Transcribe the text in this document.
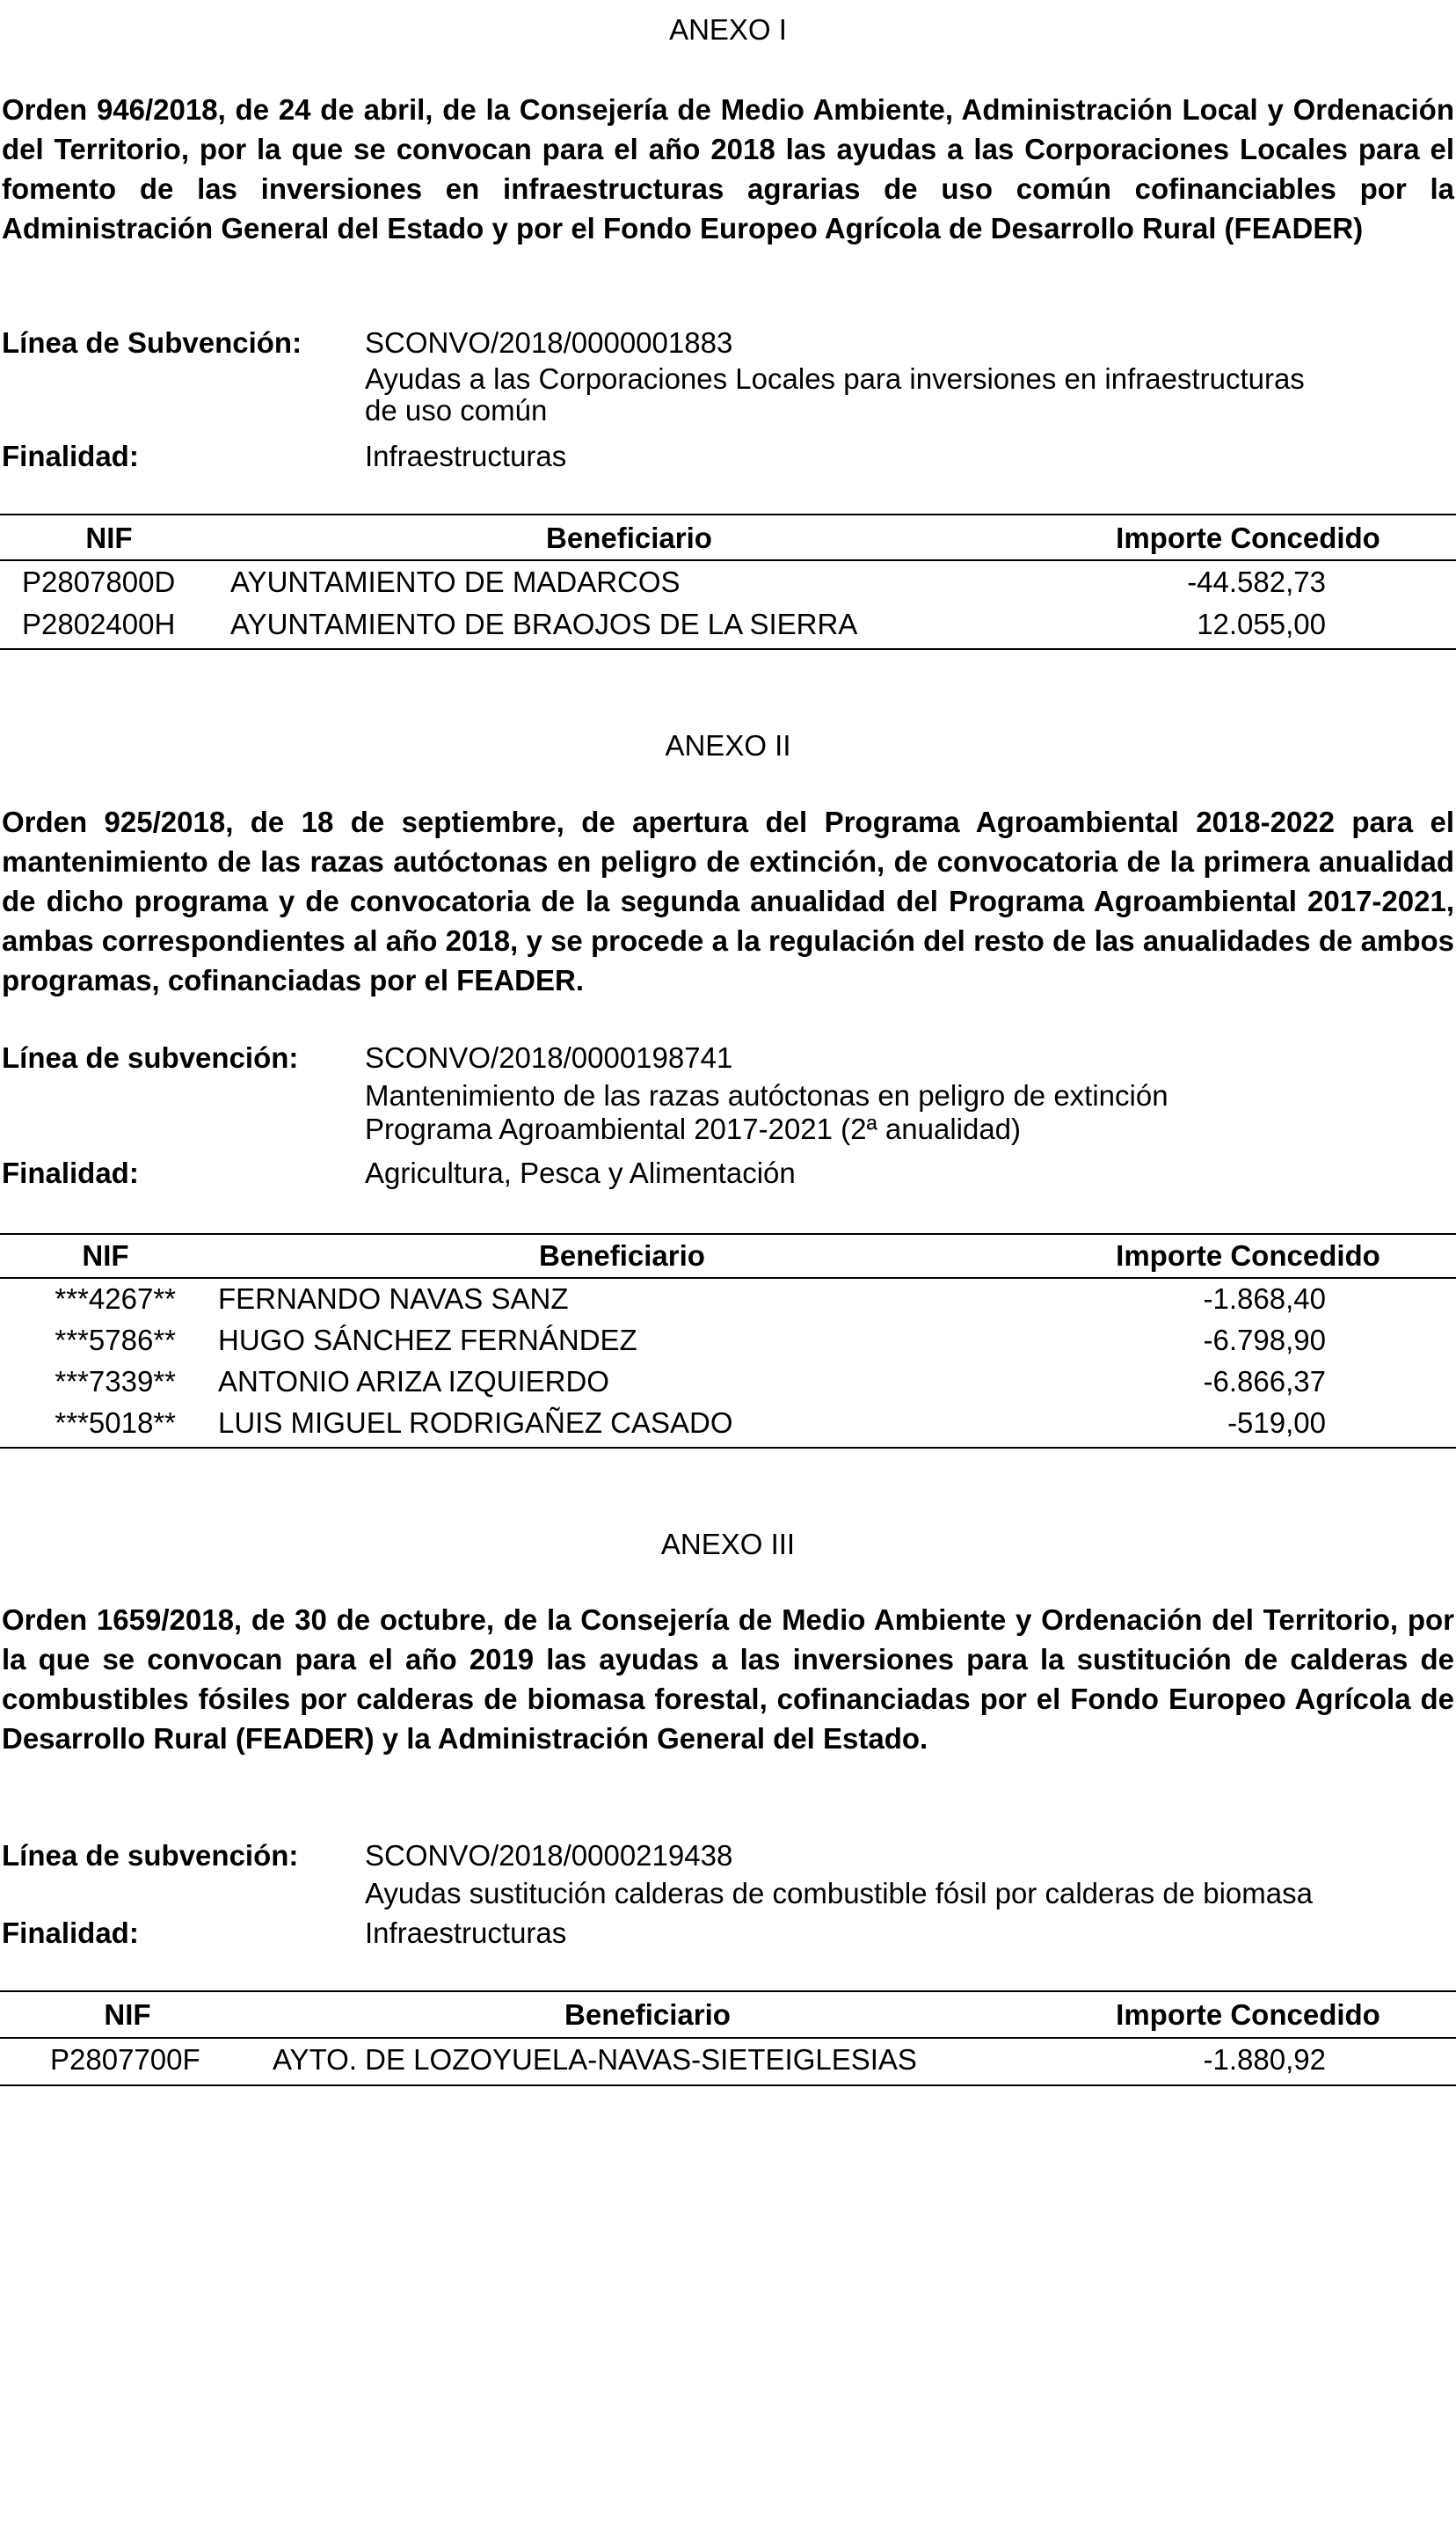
ANEXO I

Orden 946/2018, de 24 de abril, de la Consejería de Medio Ambiente, Administración Local y Ordenación del Territorio, por la que se convocan para el año 2018 las ayudas a las Corporaciones Locales para el fomento de las inversiones en infraestructuras agrarias de uso común cofinanciables por la Administración General del Estado y por el Fondo Europeo Agrícola de Desarrollo Rural (FEADER)

Línea de Subvención: SCONVO/2018/0000001883
Ayudas a las Corporaciones Locales para inversiones en infraestructuras
de uso común
Finalidad:	Infraestructuras
NIF	Beneficiario	Importe Concedido
P2807800D AYUNTAMIENTO DE MADARCOS	-44.582,73
P2802400H AYUNTAMIENTO DE BRAOJOS DE LA SIERRA	12.055,00
ANEXO II

Orden 925/2018, de 18 de septiembre, de apertura del Programa Agroambiental 2018-2022 para el mantenimiento de las razas autóctonas en peligro de extinción, de convocatoria de la primera anualidad de dicho programa y de convocatoria de la segunda anualidad del Programa Agroambiental 2017-2021, ambas correspondientes al año 2018, y se procede a la regulación del resto de las anualidades de ambos programas, cofinanciadas por el FEADER.

Línea de subvención: SCONVO/2018/0000198741
Mantenimiento de las razas autóctonas en peligro de extinción
Programa Agroambiental 2017-2021 (2ª anualidad)
Finalidad:	Agricultura, Pesca y Alimentación
NIF	Beneficiario	Importe Concedido
***4267** FERNANDO NAVAS SANZ	-1.868,40
***5786** HUGO SÁNCHEZ FERNÁNDEZ	-6.798,90
***7339** ANTONIO ARIZA IZQUIERDO	-6.866,37
***5018** LUIS MIGUEL RODRIGAÑEZ CASADO	-519,00
ANEXO III

Orden 1659/2018, de 30 de octubre, de la Consejería de Medio Ambiente y Ordenación del Territorio, por la que se convocan para el año 2019 las ayudas a las inversiones para la sustitución de calderas de combustibles fósiles por calderas de biomasa forestal, cofinanciadas por el Fondo Europeo Agrícola de Desarrollo Rural (FEADER) y la Administración General del Estado.

Línea de subvención: SCONVO/2018/0000219438
Ayudas sustitución calderas de combustible fósil por calderas de biomasa
Finalidad:	Infraestructuras
NIF	Beneficiario	Importe Concedido
P2807700F AYTO. DE LOZOYUELA-NAVAS-SIETEIGLESIAS	-1.880,92
